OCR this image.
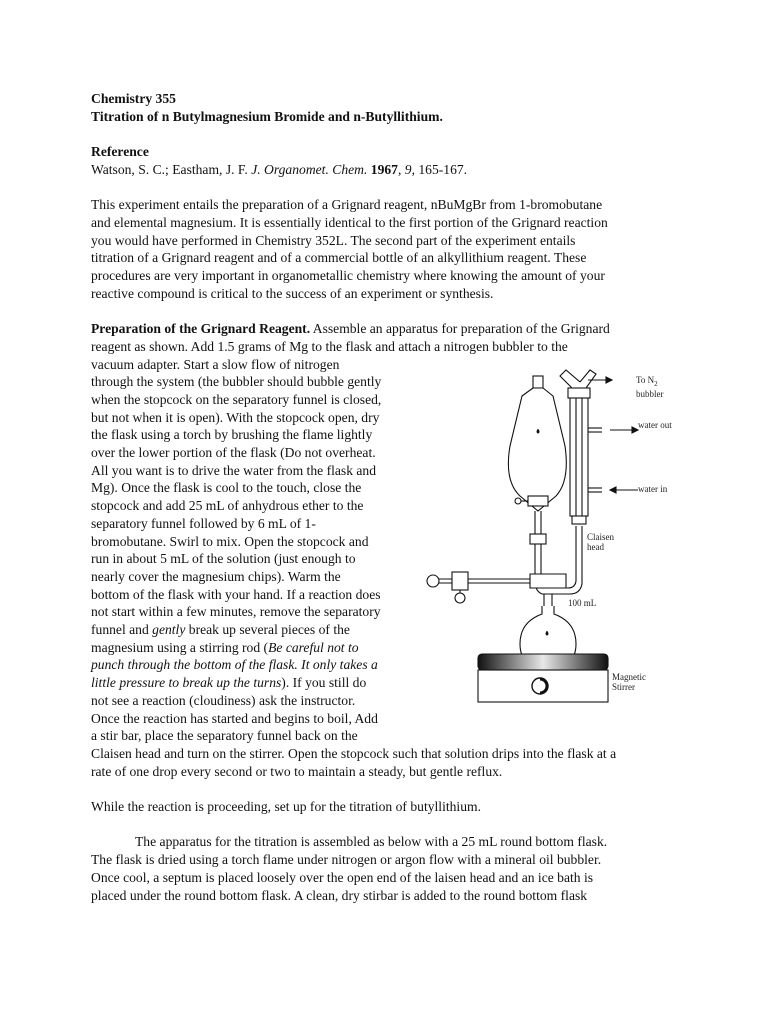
Chemistry 355

Titration of n Butylmagnesium Bromide and n-Butyllithium.

Reference

Watson, S. C.; Eastham, J. F. J. Organomet. Chem. 1967, 9, 165-167.

This experiment entails the preparation of a Grignard reagent, nBuMgBr from 1-bromobutane
and elemental magnesium. It is essentially identical to the first portion of the Grignard reaction
you would have performed in Chemistry 352L. The second part of the experiment entails
titration of a Grignard reagent and of a commercial bottle of an alkyllithium reagent. These
procedures are very important in organometallic chemistry where knowing the amount of your
reactive compound is critical to the success of an experiment or synthesis.

Preparation of the Grignard Reagent. Assemble an apparatus for preparation of the Grignard
reagent as shown. Add 1.5 grams of Mg to the flask and attach a nitrogen bubbler to the
vacuum adapter. Start a slow flow of nitrogen
through the system (the bubbler should bubble gently
when the stopcock on the separatory funnel is closed,
but not when it is open). With the stopcock open, dry
the flask using a torch by brushing the flame lightly
over the lower portion of the flask (Do not overheat.
All you want is to drive the water from the flask and
Mg). Once the flask is cool to the touch, close the
stopcock and add 25 mL of anhydrous ether to the
separatory funnel followed by 6 mL of 1-
bromobutane. Swirl to mix. Open the stopcock and
run in about 5 mL of the solution (just enough to
nearly cover the magnesium chips). Warm the
bottom of the flask with your hand. If a reaction does
not start within a few minutes, remove the separatory
funnel and gently break up several pieces of the
magnesium using a stirring rod (Be careful not to
punch through the bottom of the flask. It only takes a
little pressure to break up the turns). If you still do
not see a reaction (cloudiness) ask the instructor.
Once the reaction has started and begins to boil, Add
a stir bar, place the separatory funnel back on the
Claisen head and turn on the stirrer. Open the stopcock such that solution drips into the flask at a
rate of one drop every second or two to maintain a steady, but gentle reflux.

While the reaction is proceeding, set up for the titration of butyllithium.

The apparatus for the titration is assembled as below with a 25 mL round bottom flask.
The flask is dried using a torch flame under nitrogen or argon flow with a mineral oil bubbler.
Once cool, a septum is placed loosely over the open end of the laisen head and an ice bath is
placed under the round bottom flask. A clean, dry stirbar is added to the round bottom flask

To $N_2$
bubbler
water out
water in
Claisen
head
100 mL
Magnetic
Stirrer
